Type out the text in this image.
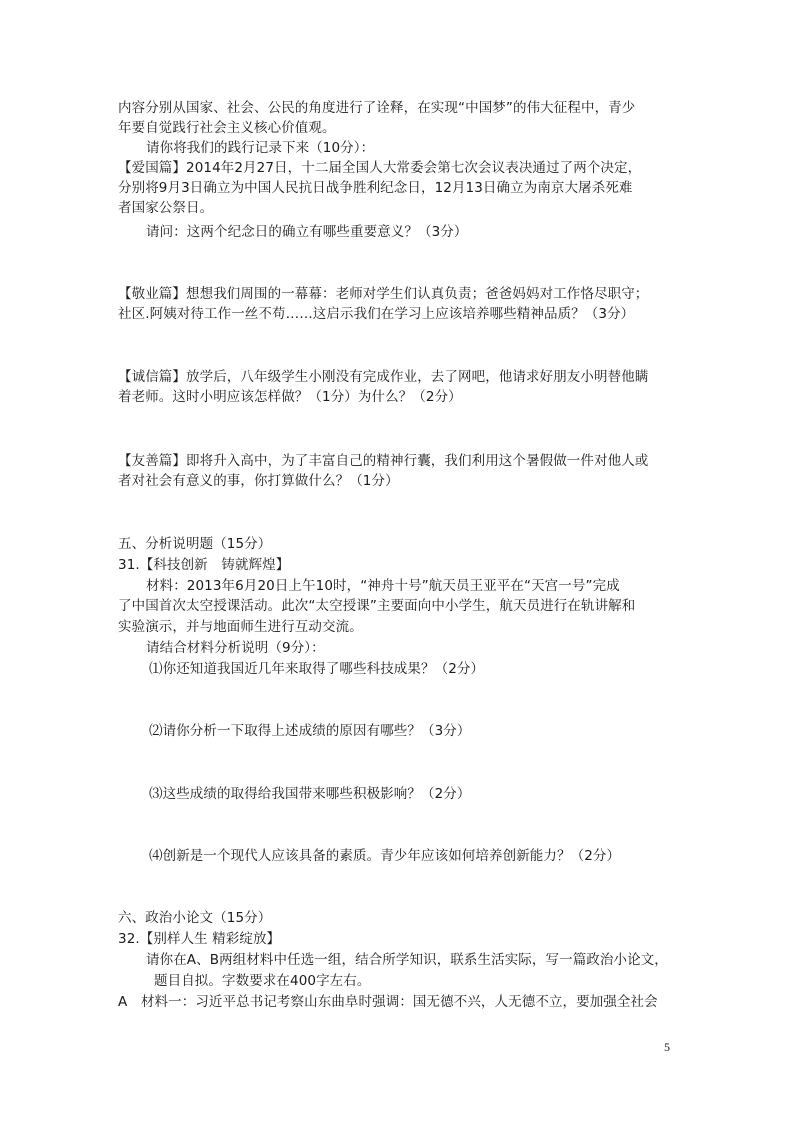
内容分别从国家、社会、公民的角度进行了诠释，在实现“中国梦”的伟大征程中，青少
年要自觉践行社会主义核心价值观。
请你将我们的践行记录下来（10分）：
【爱国篇】2014年2月27日，十二届全国人大常委会第七次会议表决通过了两个决定，
分别将9月3日确立为中国人民抗日战争胜利纪念日，12月13日确立为南京大屠杀死难
者国家公祭日。
请问：这两个纪念日的确立有哪些重要意义？（3分）
【敬业篇】想想我们周围的一幕幕：老师对学生们认真负责；爸爸妈妈对工作恪尽职守；
社区.阿姨对待工作一丝不苟……这启示我们在学习上应该培养哪些精神品质？（3分）
【诚信篇】放学后，八年级学生小刚没有完成作业，去了网吧，他请求好朋友小明替他瞒
着老师。这时小明应该怎样做？（1分）为什么？（2分）
【友善篇】即将升入高中，为了丰富自己的精神行囊，我们利用这个暑假做一件对他人或
者对社会有意义的事，你打算做什么？（1分）
五、分析说明题（15分）
31.【科技创新　铸就辉煌】
材料：2013年6月20日上午10时，“神舟十号”航天员王亚平在“天宫一号”完成
了中国首次太空授课活动。此次“太空授课”主要面向中小学生，航天员进行在轨讲解和
实验演示，并与地面师生进行互动交流。
请结合材料分析说明（9分）：
⑴你还知道我国近几年来取得了哪些科技成果？（2分）
⑵请你分析一下取得上述成绩的原因有哪些？（3分）
⑶这些成绩的取得给我国带来哪些积极影响？（2分）
⑷创新是一个现代人应该具备的素质。青少年应该如何培养创新能力？（2分）
六、政治小论文（15分）
32.【别样人生 精彩绽放】
请你在A、B两组材料中任选一组，结合所学知识，联系生活实际，写一篇政治小论文，
题目自拟。字数要求在400字左右。
A　材料一：习近平总书记考察山东曲阜时强调：国无德不兴，人无德不立，要加强全社会
5
